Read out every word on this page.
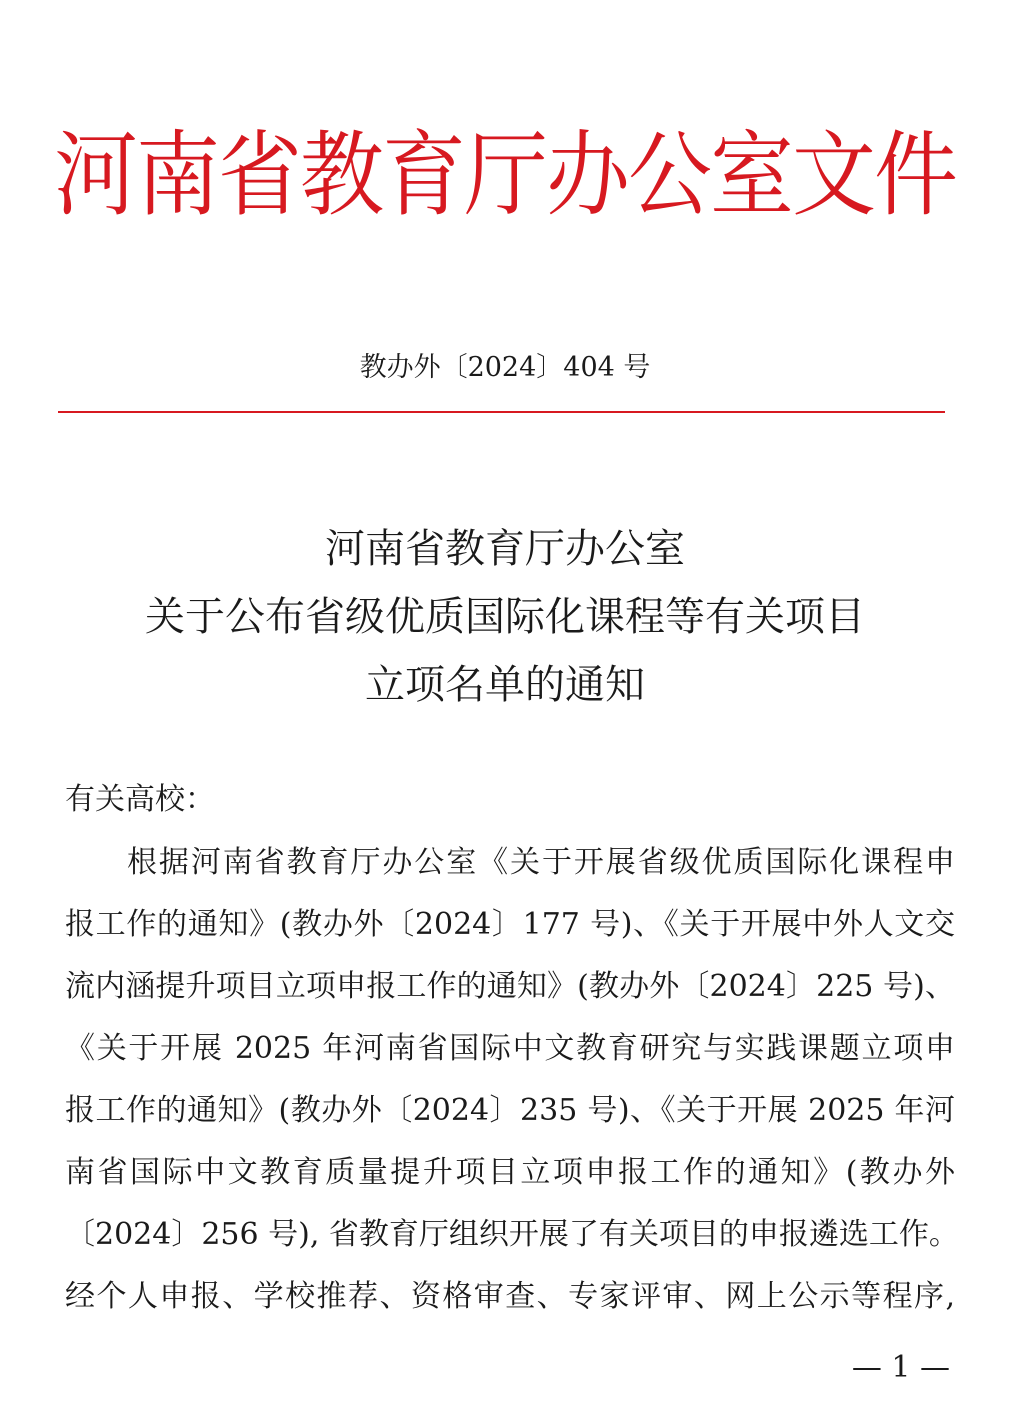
河南省教育厅办公室文件
教办外〔2024〕404 号
河南省教育厅办公室
关于公布省级优质国际化课程等有关项目
立项名单的通知
有关高校：
根据河南省教育厅办公室《关于开展省级优质国际化课程申
报工作的通知》(教办外〔2024〕177 号)、《关于开展中外人文交
流内涵提升项目立项申报工作的通知》(教办外〔2024〕225 号)、
《关于开展 2025 年河南省国际中文教育研究与实践课题立项申
报工作的通知》(教办外〔2024〕235 号)、《关于开展 2025 年河
南省国际中文教育质量提升项目立项申报工作的通知》(教办外
〔2024〕256 号), 省教育厅组织开展了有关项目的申报遴选工作。
经个人申报、学校推荐、资格审查、专家评审、网上公示等程序,
— 1 —
